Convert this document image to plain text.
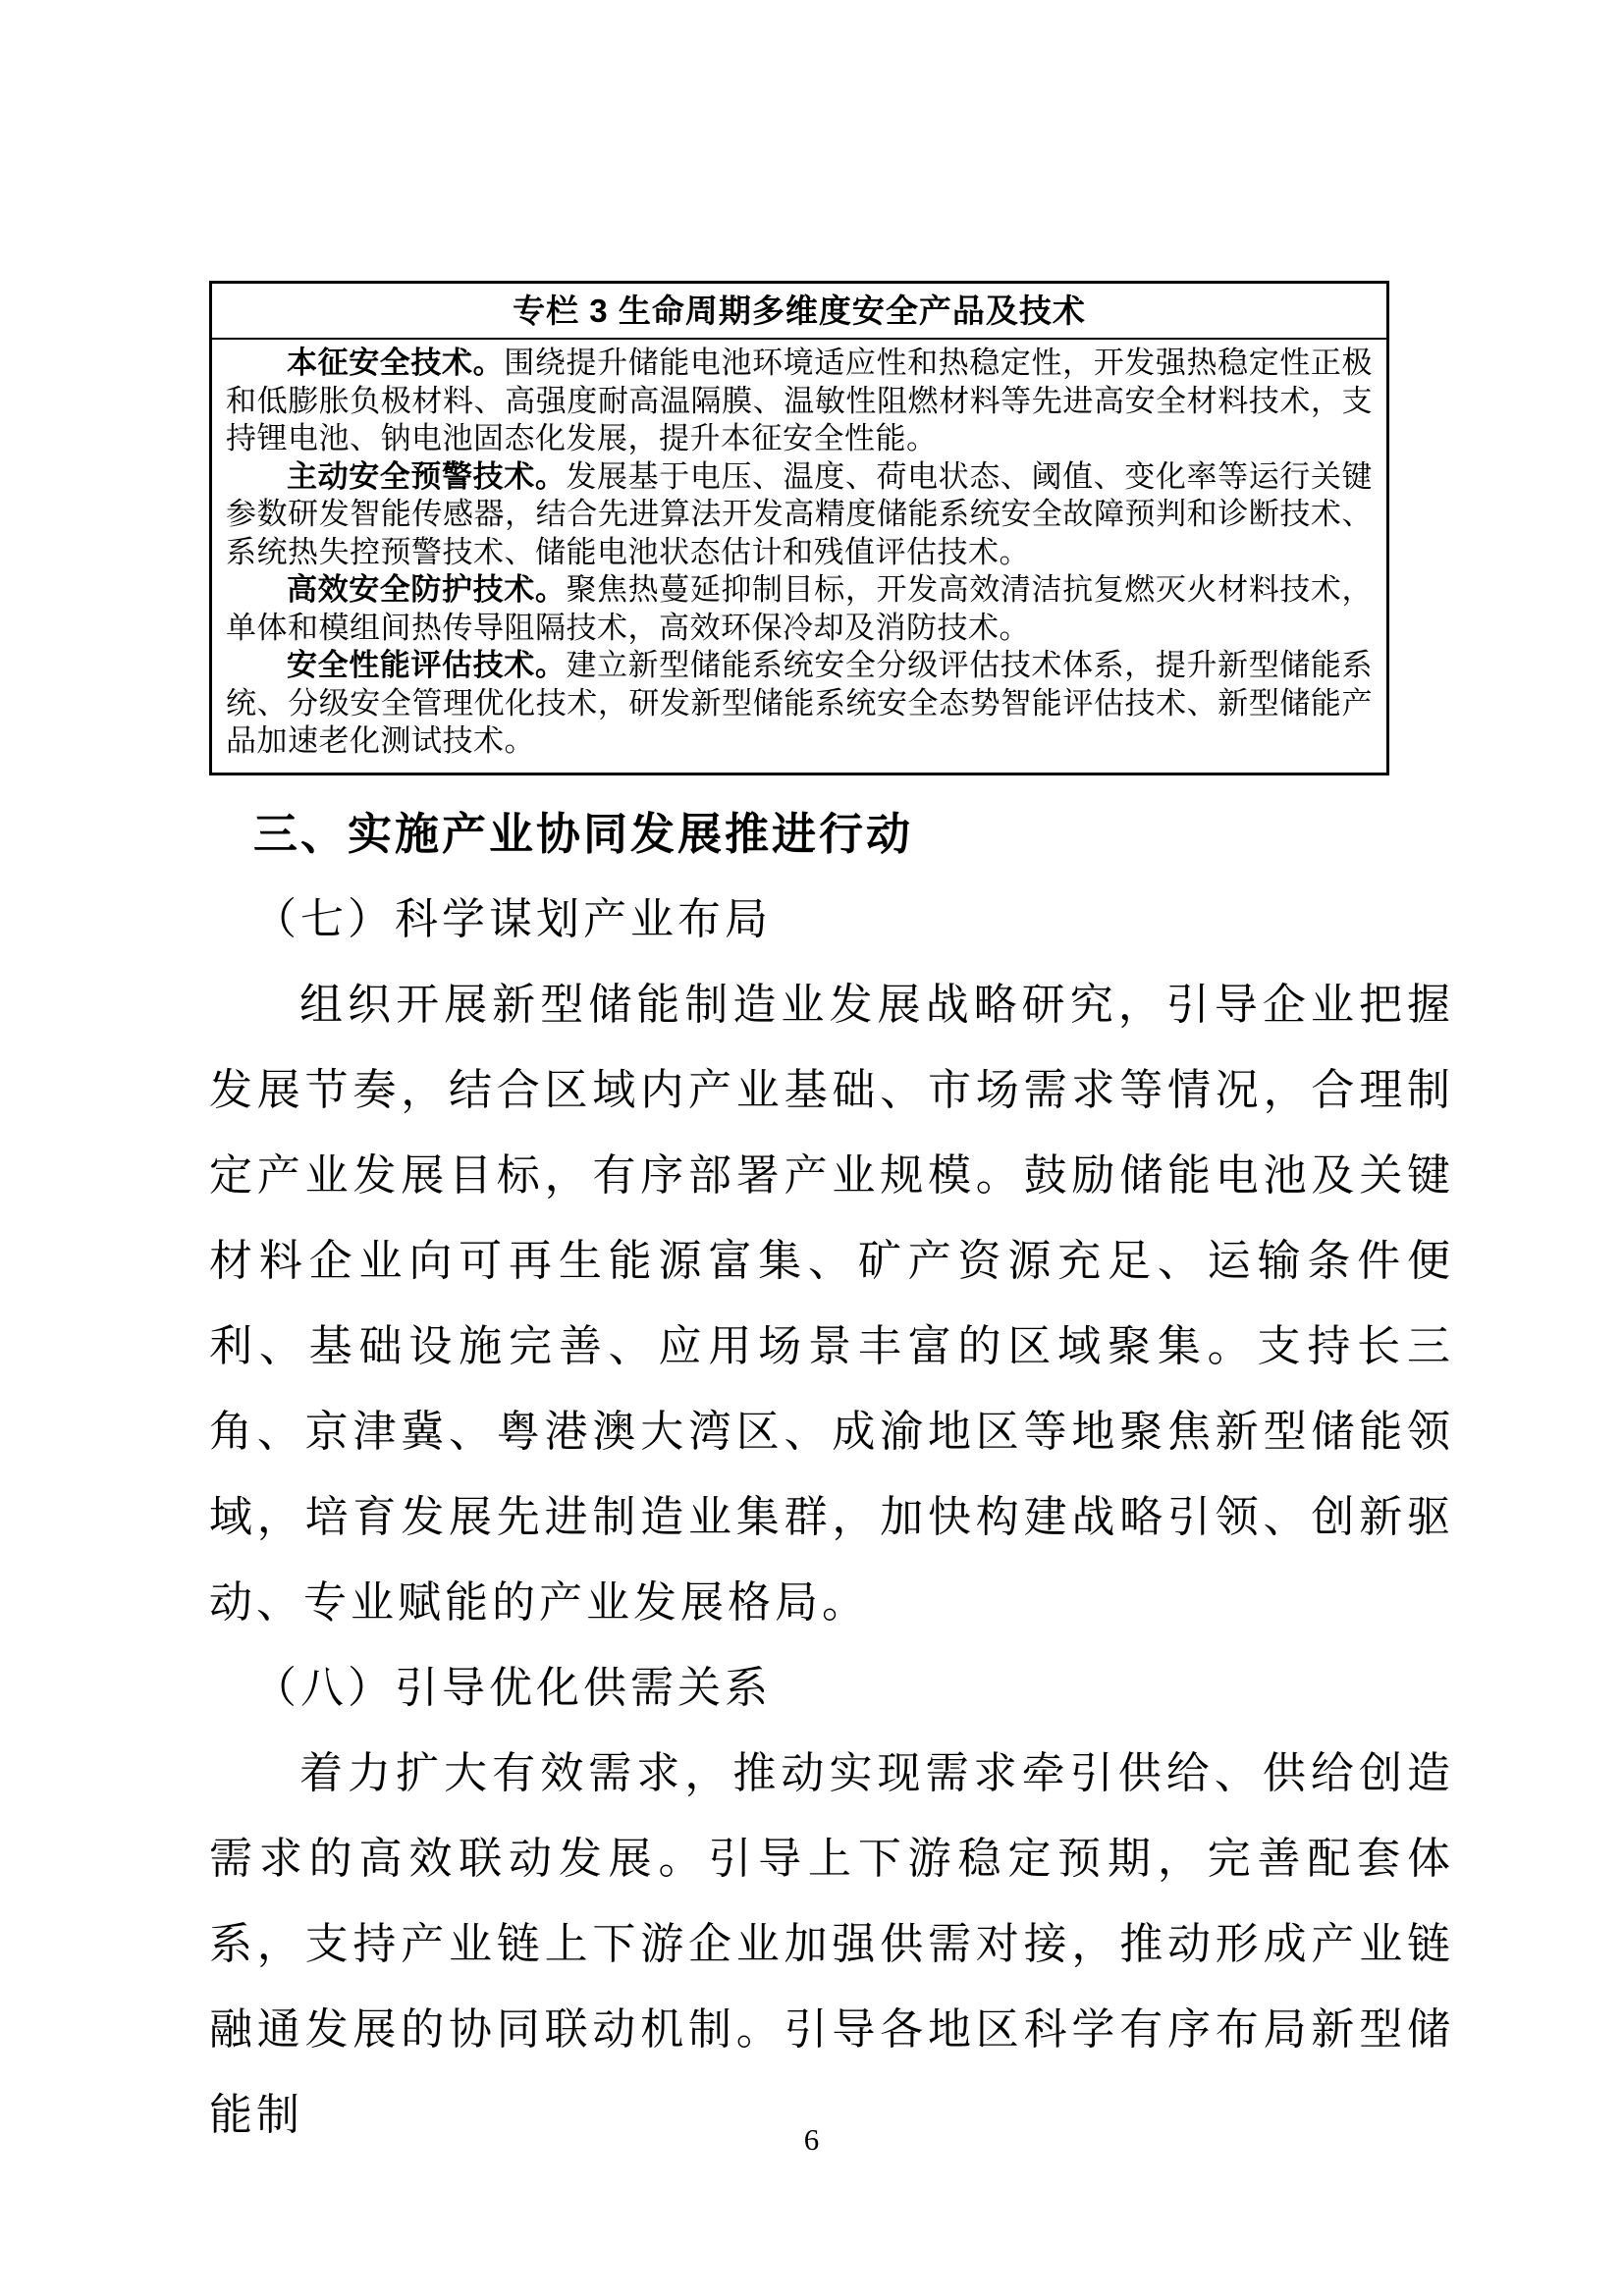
专栏 3 生命周期多维度安全产品及技术

本征安全技术。围绕提升储能电池环境适应性和热稳定性，开发强热稳定性正极和低膨胀负极材料、高强度耐高温隔膜、温敏性阻燃材料等先进高安全材料技术，支持锂电池、钠电池固态化发展，提升本征安全性能。

主动安全预警技术。发展基于电压、温度、荷电状态、阈值、变化率等运行关键参数研发智能传感器，结合先进算法开发高精度储能系统安全故障预判和诊断技术、系统热失控预警技术、储能电池状态估计和残值评估技术。

高效安全防护技术。聚焦热蔓延抑制目标，开发高效清洁抗复燃灭火材料技术，单体和模组间热传导阻隔技术，高效环保冷却及消防技术。

安全性能评估技术。建立新型储能系统安全分级评估技术体系，提升新型储能系统、分级安全管理优化技术，研发新型储能系统安全态势智能评估技术、新型储能产品加速老化测试技术。

三、实施产业协同发展推进行动
（七）科学谋划产业布局

组织开展新型储能制造业发展战略研究，引导企业把握发展节奏，结合区域内产业基础、市场需求等情况，合理制定产业发展目标，有序部署产业规模。鼓励储能电池及关键材料企业向可再生能源富集、矿产资源充足、运输条件便利、基础设施完善、应用场景丰富的区域聚集。支持长三角、京津冀、粤港澳大湾区、成渝地区等地聚焦新型储能领域，培育发展先进制造业集群，加快构建战略引领、创新驱动、专业赋能的产业发展格局。

（八）引导优化供需关系

着力扩大有效需求，推动实现需求牵引供给、供给创造需求的高效联动发展。引导上下游稳定预期，完善配套体系，支持产业链上下游企业加强供需对接，推动形成产业链融通发展的协同联动机制。引导各地区科学有序布局新型储能制

6
